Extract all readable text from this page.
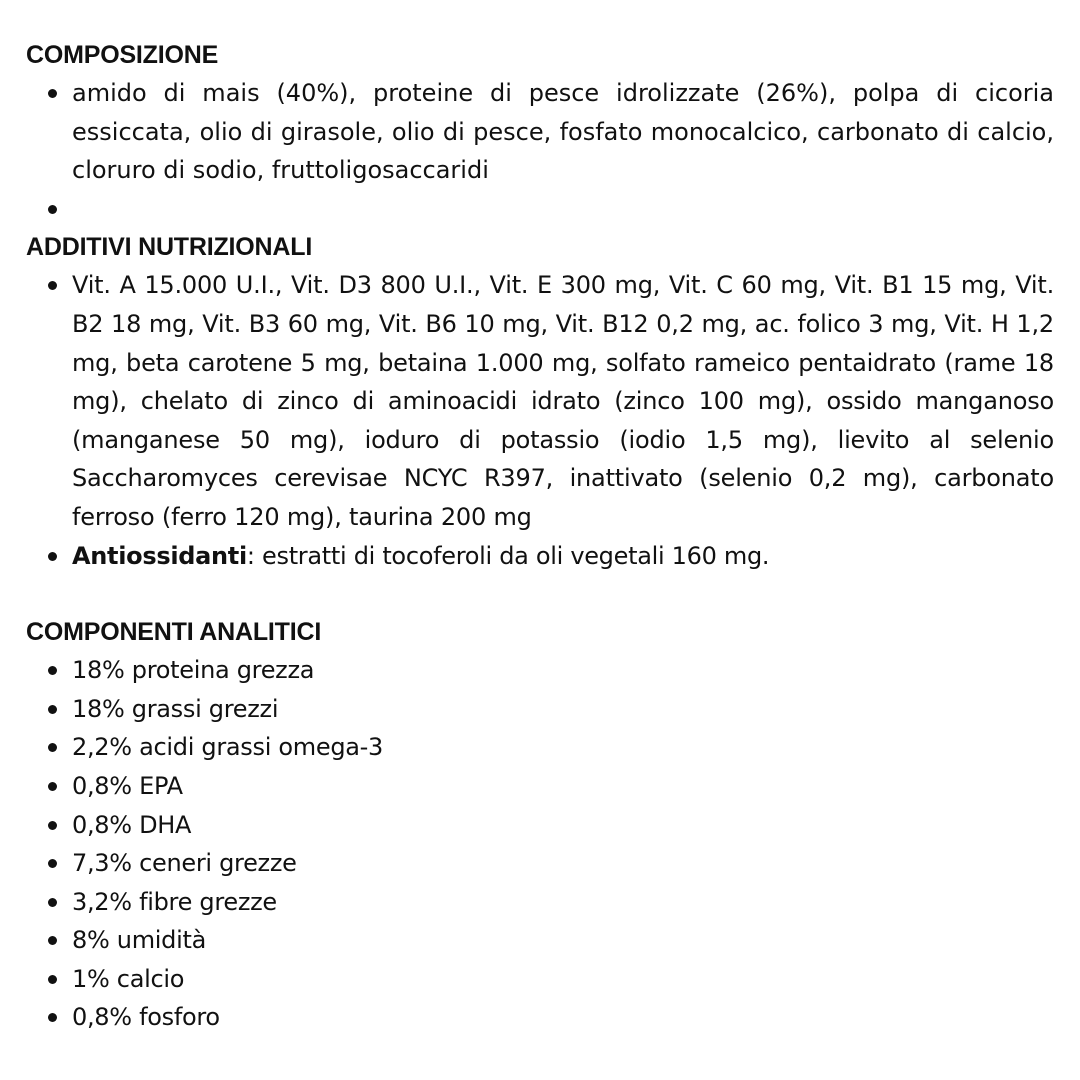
COMPOSIZIONE
amido di mais (40%), proteine di pesce idrolizzate (26%), polpa di cicoria essiccata, olio di girasole, olio di pesce, fosfato monocalcico, carbonato di calcio, cloruro di sodio, fruttoligosaccaridi
ADDITIVI NUTRIZIONALI
Vit. A 15.000 U.I., Vit. D3 800 U.I., Vit. E 300 mg, Vit. C 60 mg, Vit. B1 15 mg, Vit. B2 18 mg, Vit. B3 60 mg, Vit. B6 10 mg, Vit. B12 0,2 mg, ac. folico 3 mg, Vit. H 1,2 mg, beta carotene 5 mg, betaina 1.000 mg, solfato rameico pentaidrato (rame 18 mg), chelato di zinco di aminoacidi idrato (zinco 100 mg), ossido manganoso (manganese 50 mg), ioduro di potassio (iodio 1,5 mg), lievito al selenio Saccharomyces cerevisae NCYC R397, inattivato (selenio 0,2 mg), carbonato ferroso (ferro 120 mg), taurina 200 mg
Antiossidanti: estratti di tocoferoli da oli vegetali 160 mg.
COMPONENTI ANALITICI
18% proteina grezza
18% grassi grezzi
2,2% acidi grassi omega-3
0,8% EPA
0,8% DHA
7,3% ceneri grezze
3,2% fibre grezze
8% umidità
1% calcio
0,8% fosforo
